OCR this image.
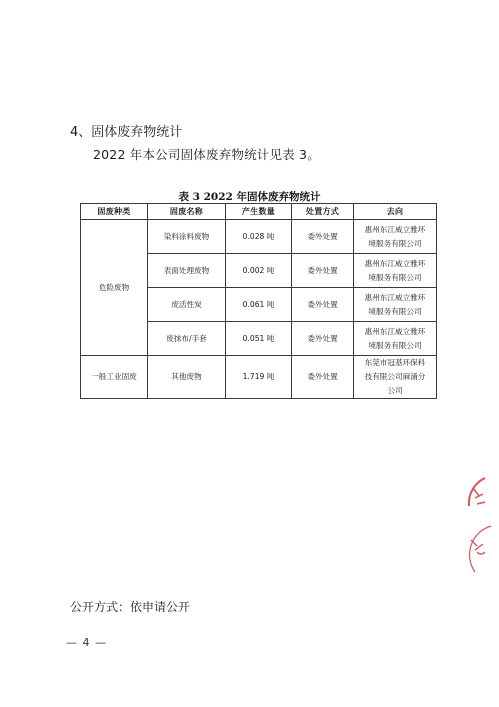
4、固体废弃物统计
2022 年本公司固体废弃物统计见表 3。
表 3 2022 年固体废弃物统计
固废种类	固废名称	产生数量	处置方式	去向
危险废物	染料涂料废物	0.028 吨	委外处置	惠州东江威立雅环
境服务有限公司
	表面处理废物	0.002 吨	委外处置	惠州东江威立雅环
境服务有限公司
	废活性炭	0.061 吨	委外处置	惠州东江威立雅环
境服务有限公司
	废抹布/手套	0.051 吨	委外处置	惠州东江威立雅环
境服务有限公司
一般工业固废	其他废物	1.719 吨	委外处置	东莞市冠基环保科
技有限公司麻涌分
公司
公开方式：依申请公开
— 4 —
